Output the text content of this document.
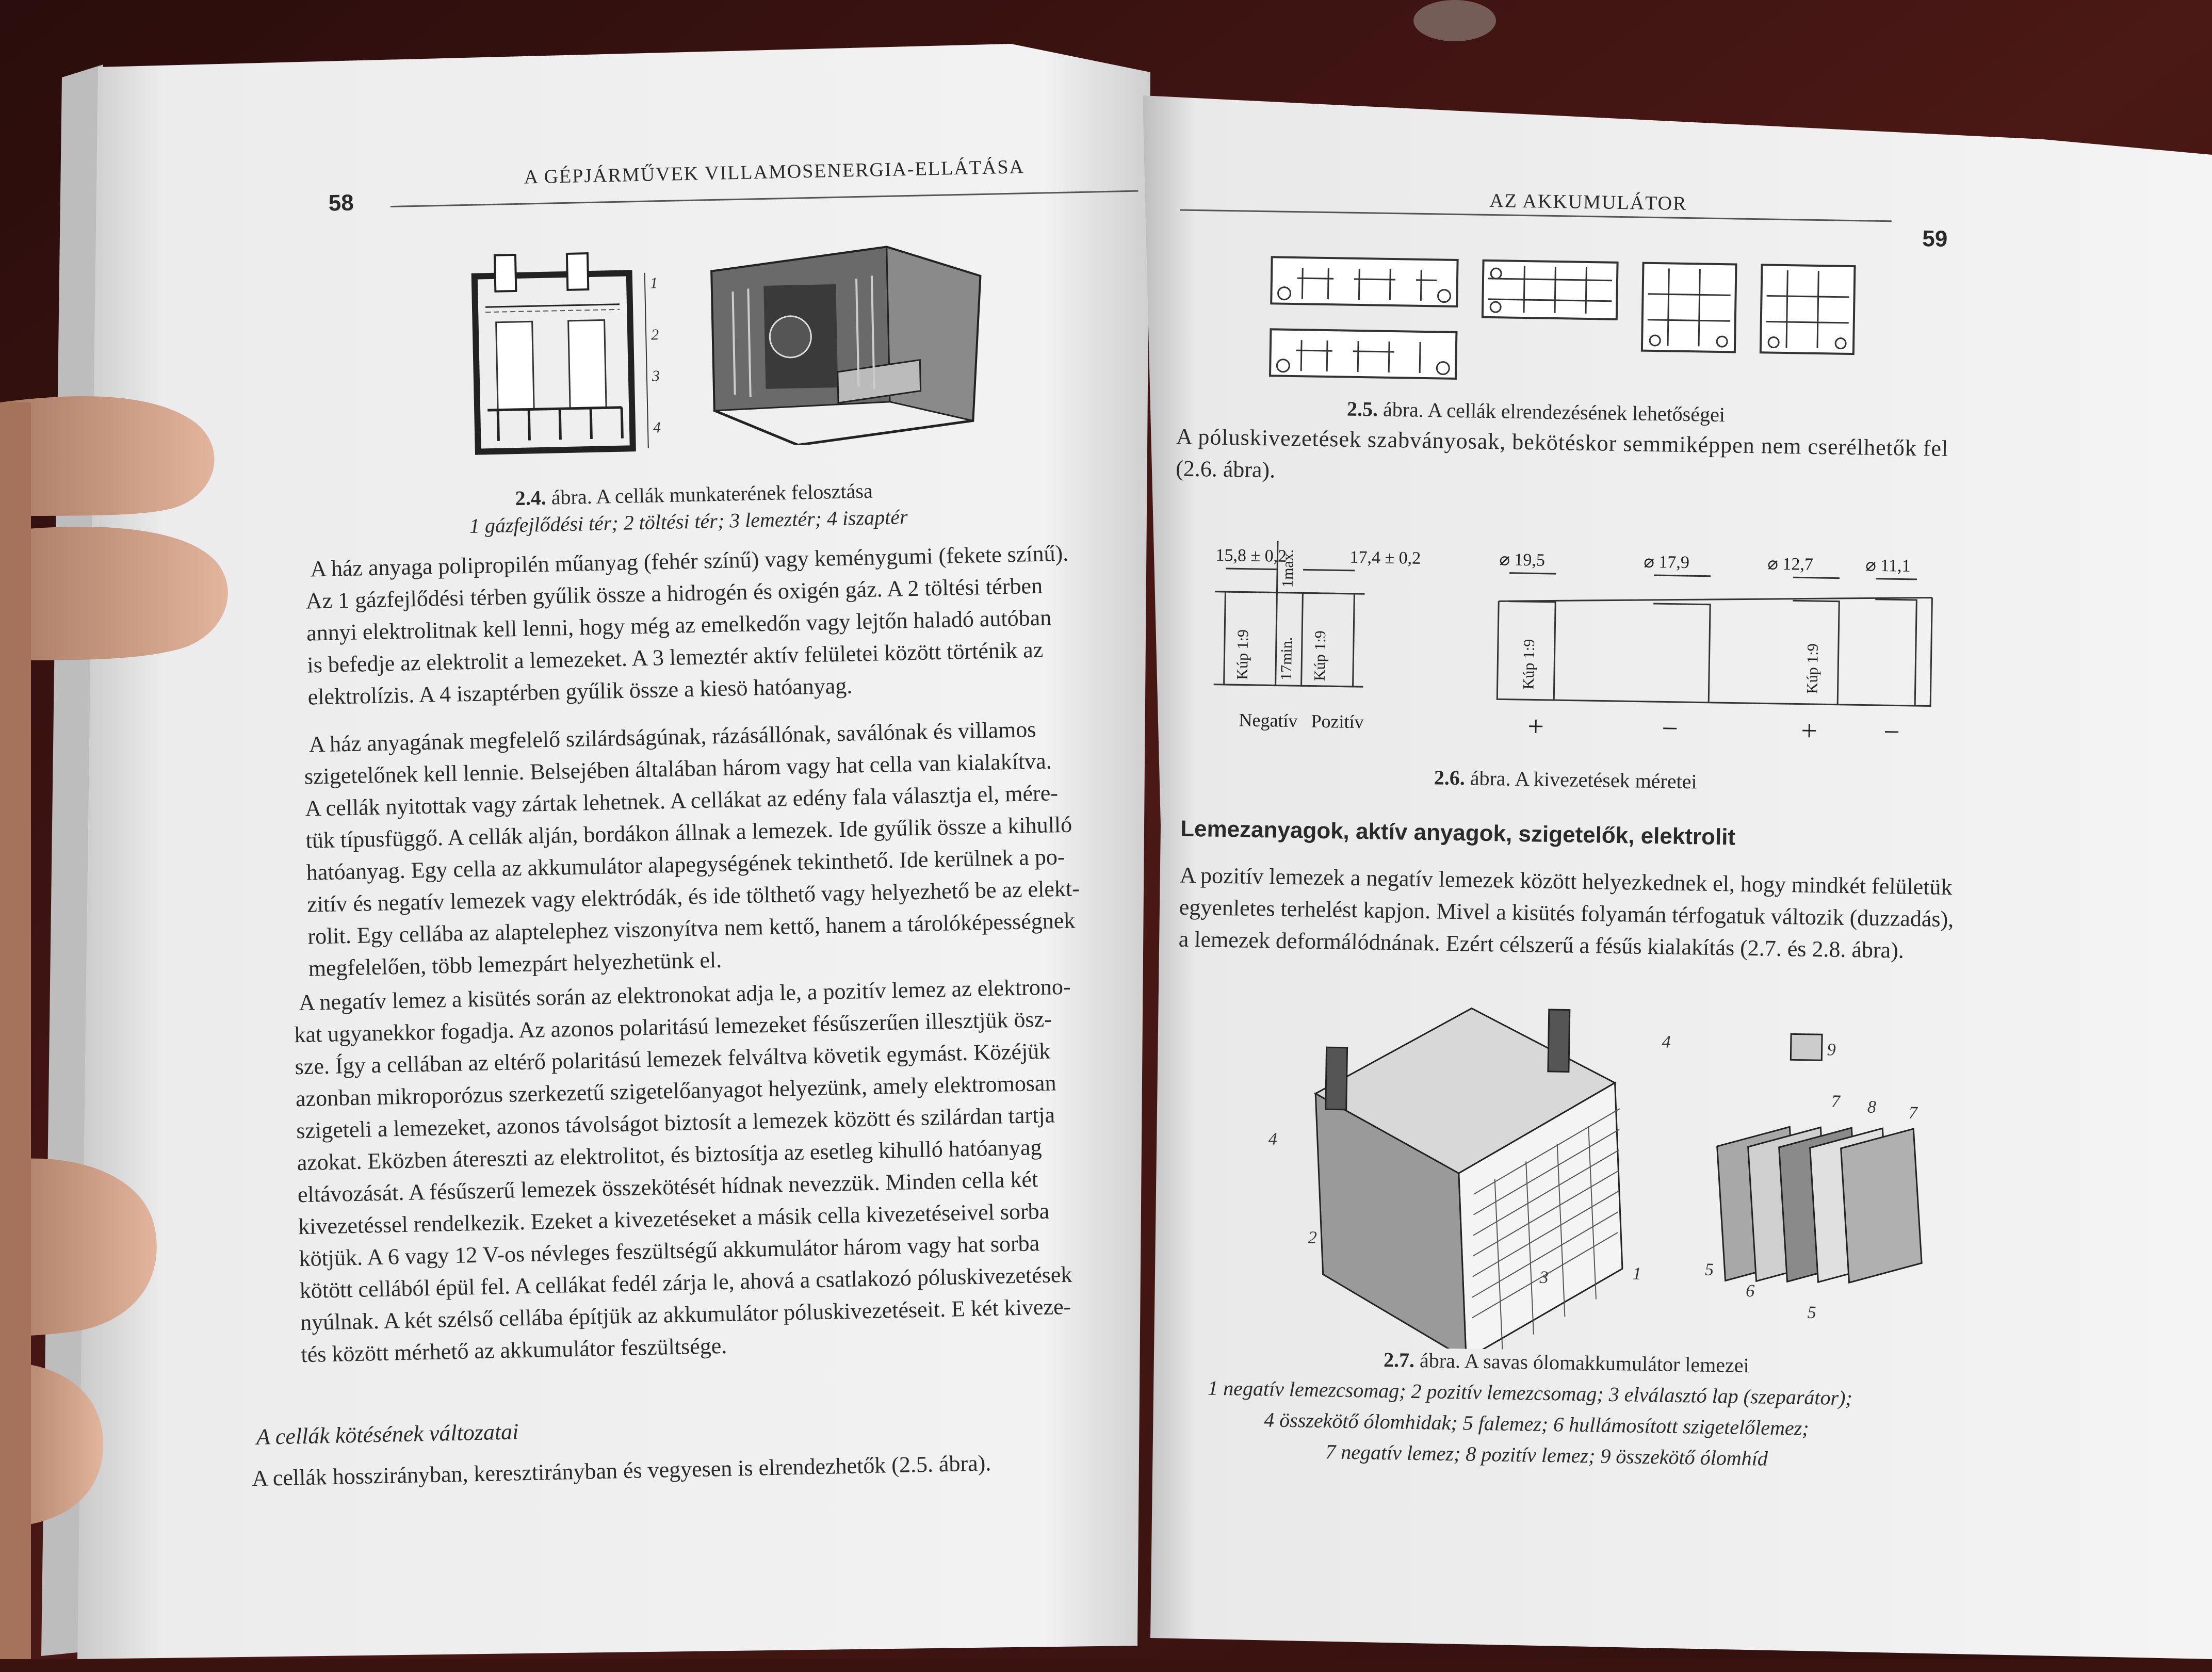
58

A GÉPJÁRMŰVEK VILLAMOSENERGIA-ELLÁTÁSA

1
2
3
4

2.4. ábra. A cellák munkaterének felosztása

1 gázfejlődési tér; 2 töltési tér; 3 lemeztér; 4 iszaptér

A ház anyaga polipropilén műanyag (fehér színű) vagy keménygumi (fekete színű).

Az 1 gázfejlődési térben gyűlik össze a hidrogén és oxigén gáz. A 2 töltési térben

annyi elektrolitnak kell lenni, hogy még az emelkedőn vagy lejtőn haladó autóban

is befedje az elektrolit a lemezeket. A 3 lemeztér aktív felületei között történik az

elektrolízis. A 4 iszaptérben gyűlik össze a kiesö hatóanyag.

A ház anyagának megfelelő szilárdságúnak, rázásállónak, saválónak és villamos

szigetelőnek kell lennie. Belsejében általában három vagy hat cella van kialakítva.

A cellák nyitottak vagy zártak lehetnek. A cellákat az edény fala választja el, mére-

tük típusfüggő. A cellák alján, bordákon állnak a lemezek. Ide gyűlik össze a kihulló

hatóanyag. Egy cella az akkumulátor alapegységének tekinthető. Ide kerülnek a po-

zitív és negatív lemezek vagy elektródák, és ide tölthető vagy helyezhető be az elekt-

rolit. Egy cellába az alaptelephez viszonyítva nem kettő, hanem a tárolóképességnek

megfelelően, több lemezpárt helyezhetünk el.

A negatív lemez a kisütés során az elektronokat adja le, a pozitív lemez az elektrono-

kat ugyanekkor fogadja. Az azonos polaritású lemezeket fésűszerűen illesztjük ösz-

sze. Így a cellában az eltérő polaritású lemezek felváltva követik egymást. Közéjük

azonban mikroporózus szerkezetű szigetelőanyagot helyezünk, amely elektromosan

szigeteli a lemezeket, azonos távolságot biztosít a lemezek között és szilárdan tartja

azokat. Eközben átereszti az elektrolitot, és biztosítja az esetleg kihulló hatóanyag

eltávozását. A fésűszerű lemezek összekötését hídnak nevezzük. Minden cella két

kivezetéssel rendelkezik. Ezeket a kivezetéseket a másik cella kivezetéseivel sorba

kötjük. A 6 vagy 12 V-os névleges feszültségű akkumulátor három vagy hat sorba

kötött cellából épül fel. A cellákat fedél zárja le, ahová a csatlakozó póluskivezetések

nyúlnak. A két szélső cellába építjük az akkumulátor póluskivezetéseit. E két kiveze-

tés között mérhető az akkumulátor feszültsége.

A cellák kötésének változatai

A cellák hosszirányban, keresztirányban és vegyesen is elrendezhetők (2.5. ábra).

AZ AKKUMULÁTOR

59

2.5. ábra. A cellák elrendezésének lehetőségei

A póluskivezetések szabványosak, bekötéskor semmiképpen nem cserélhetők fel

(2.6. ábra).

15,8 ± 0,2	17,4 ± 0,2	⌀ 19,5	⌀ 17,9	⌀ 12,7	⌀ 11,1
Negatív Pozitív	+	−	+ −
Kúp 1:9	Kúp 1:9	Kúp 1:9	Kúp 1:9
17min.
1max.

2.6. ábra. A kivezetések méretei

Lemezanyagok, aktív anyagok, szigetelők, elektrolit

A pozitív lemezek a negatív lemezek között helyezkednek el, hogy mindkét felületük

egyenletes terhelést kapjon. Mivel a kisütés folyamán térfogatuk változik (duzzadás),

a lemezek deformálódnának. Ezért célszerű a fésűs kialakítás (2.7. és 2.8. ábra).

4
4
2
3	1
9
7 8 7
5
6
5

2.7. ábra. A savas ólomakkumulátor lemezei

1 negatív lemezcsomag; 2 pozitív lemezcsomag; 3 elválasztó lap (szeparátor);

4 összekötő ólomhidak; 5 falemez; 6 hullámosított szigetelőlemez;

7 negatív lemez; 8 pozitív lemez; 9 összekötő ólomhíd
